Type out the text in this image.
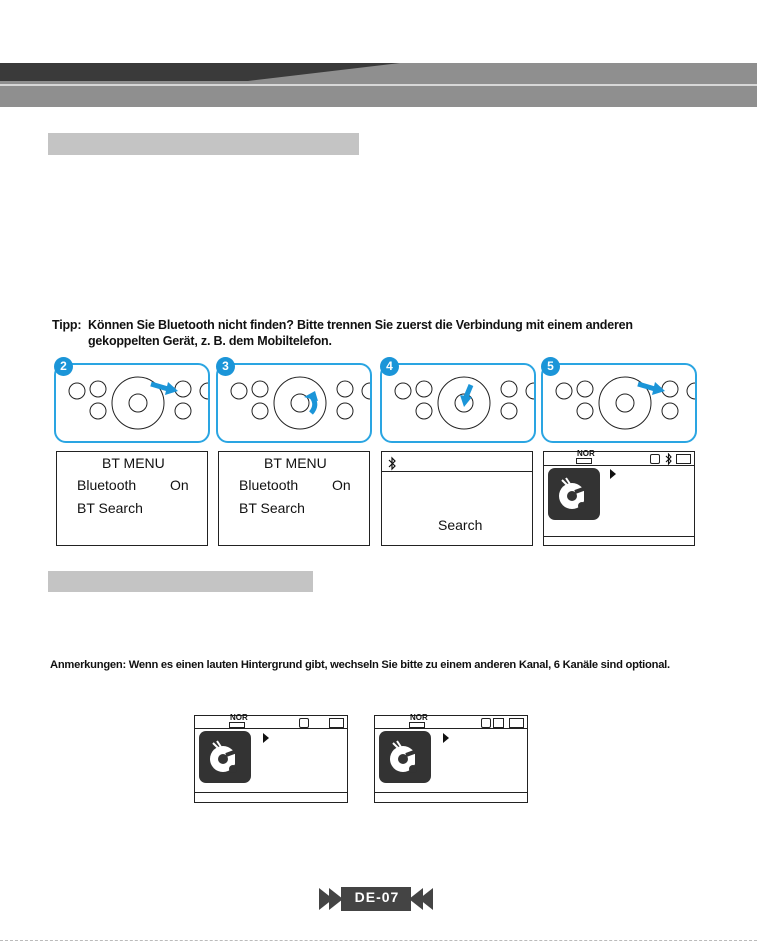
Tipp: Können Sie Bluetooth nicht finden? Bitte trennen Sie zuerst die Verbindung mit einem anderen
gekoppelten Gerät, z. B. dem Mobiltelefon.
2	3	4	5
BT MENU
Bluetooth On
BT Search
BT MENU
Bluetooth On
BT Search
Search
NOR
Anmerkungen: Wenn es einen lauten Hintergrund gibt, wechseln Sie bitte zu einem anderen Kanal, 6 Kanäle sind optional.
NOR	NOR
DE-07
